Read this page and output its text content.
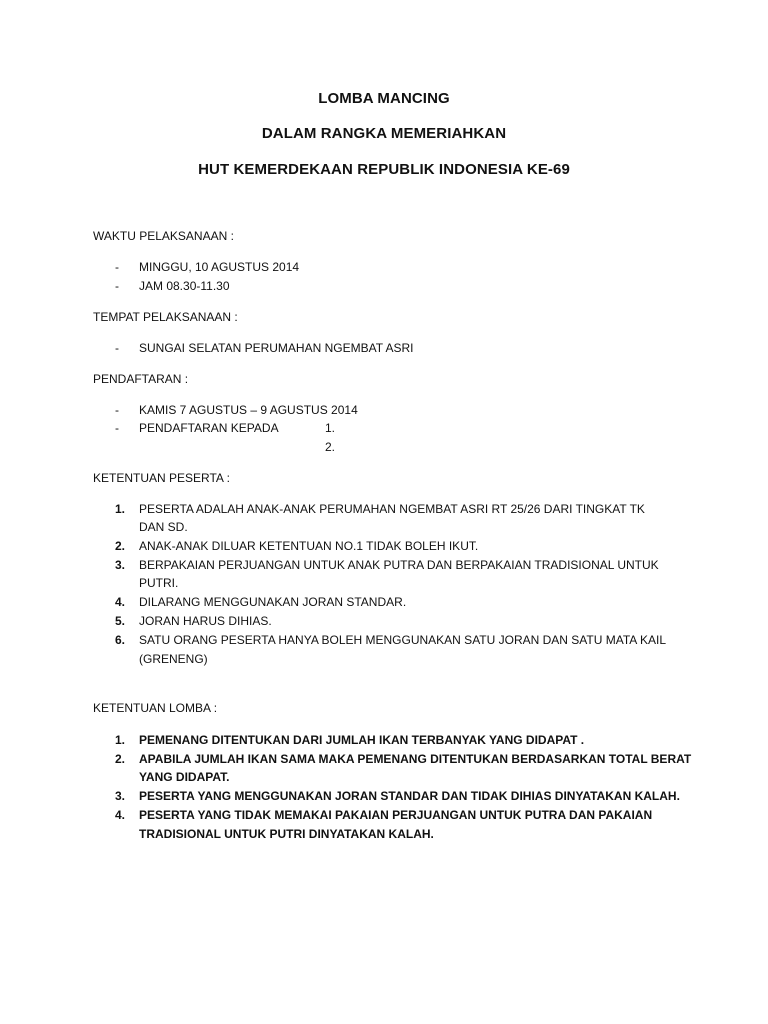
LOMBA MANCING
DALAM RANGKA MEMERIAHKAN
HUT KEMERDEKAAN REPUBLIK INDONESIA KE-69
WAKTU PELAKSANAAN :
- MINGGU, 10 AGUSTUS 2014
- JAM 08.30-11.30
TEMPAT PELAKSANAAN :
- SUNGAI SELATAN PERUMAHAN NGEMBAT ASRI
PENDAFTARAN :
- KAMIS 7 AGUSTUS – 9 AGUSTUS 2014
- PENDAFTARAN KEPADA	1.
2.
KETENTUAN PESERTA :
1. PESERTA ADALAH ANAK-ANAK PERUMAHAN NGEMBAT ASRI RT 25/26 DARI TINGKAT TK
DAN SD.
2. ANAK-ANAK DILUAR KETENTUAN NO.1 TIDAK BOLEH IKUT.
3. BERPAKAIAN PERJUANGAN UNTUK ANAK PUTRA DAN BERPAKAIAN TRADISIONAL UNTUK
PUTRI.
4. DILARANG MENGGUNAKAN JORAN STANDAR.
5. JORAN HARUS DIHIAS.
6. SATU ORANG PESERTA HANYA BOLEH MENGGUNAKAN SATU JORAN DAN SATU MATA KAIL
(GRENENG)
KETENTUAN LOMBA :
1. PEMENANG DITENTUKAN DARI JUMLAH IKAN TERBANYAK YANG DIDAPAT .
2. APABILA JUMLAH IKAN SAMA MAKA PEMENANG DITENTUKAN BERDASARKAN TOTAL BERAT
YANG DIDAPAT.
3. PESERTA YANG MENGGUNAKAN JORAN STANDAR DAN TIDAK DIHIAS DINYATAKAN KALAH.
4. PESERTA YANG TIDAK MEMAKAI PAKAIAN PERJUANGAN UNTUK PUTRA DAN PAKAIAN
TRADISIONAL UNTUK PUTRI DINYATAKAN KALAH.
